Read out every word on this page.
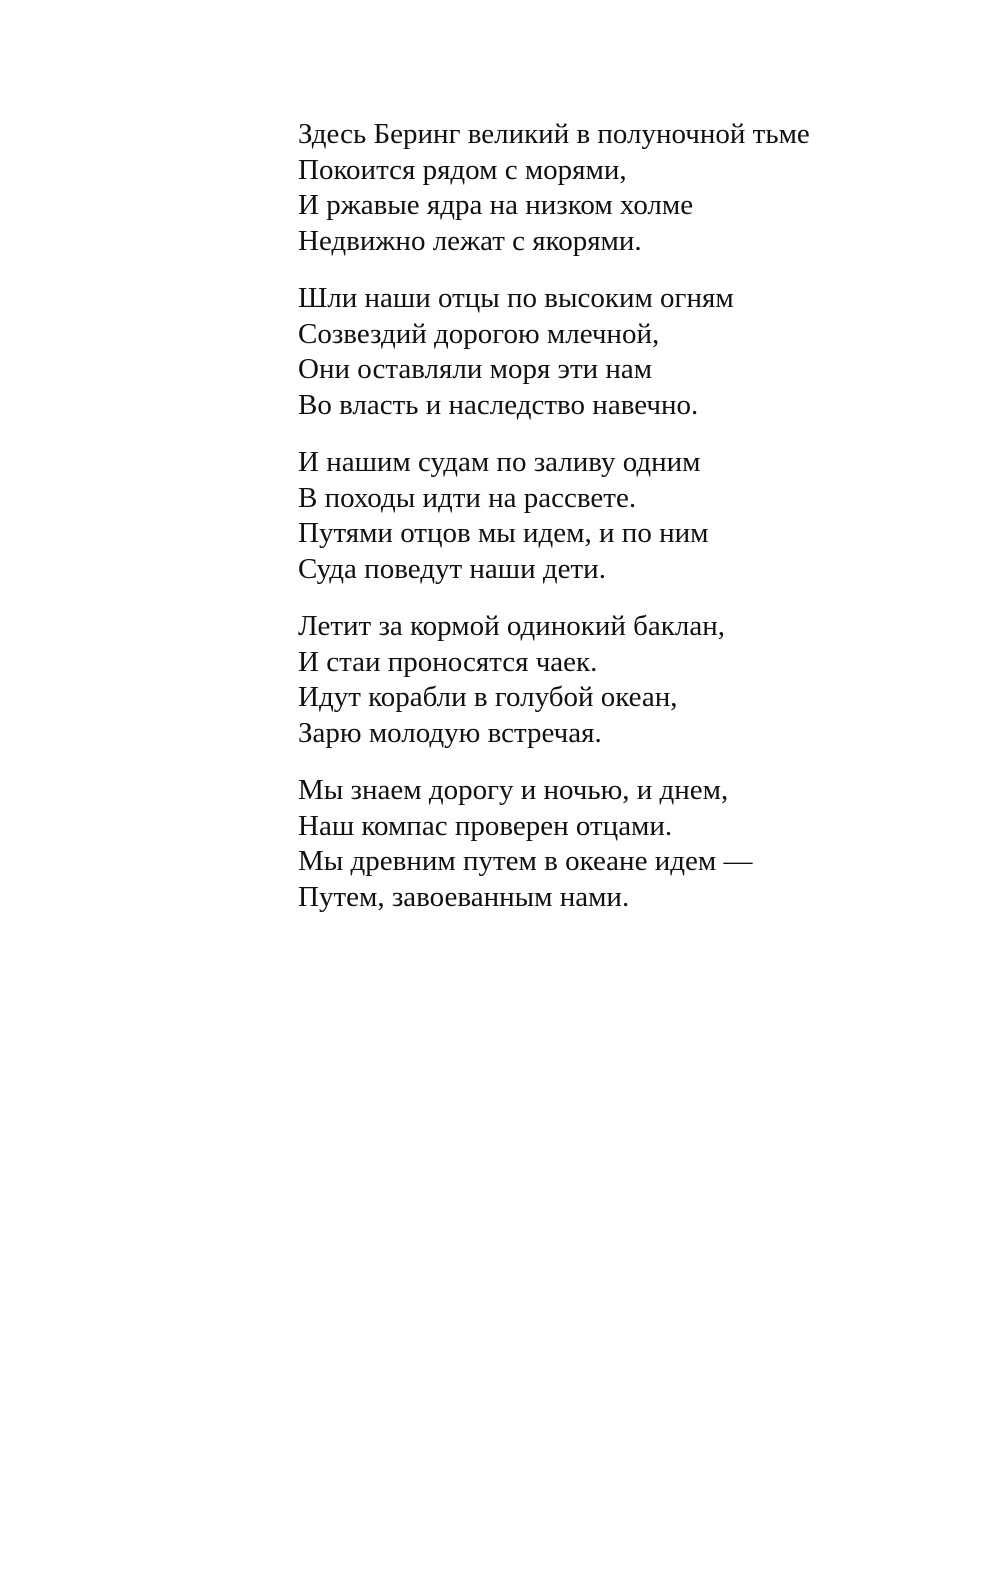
Здесь Беринг великий в полуночной тьме
Покоится рядом с морями,
И ржавые ядра на низком холме
Недвижно лежат с якорями.
Шли наши отцы по высоким огням
Созвездий дорогою млечной,
Они оставляли моря эти нам
Во власть и наследство навечно.
И нашим судам по заливу одним
В походы идти на рассвете.
Путями отцов мы идем, и по ним
Суда поведут наши дети.
Летит за кормой одинокий баклан,
И стаи проносятся чаек.
Идут корабли в голубой океан,
Зарю молодую встречая.
Мы знаем дорогу и ночью, и днем,
Наш компас проверен отцами.
Мы древним путем в океане идем —
Путем, завоеванным нами.
